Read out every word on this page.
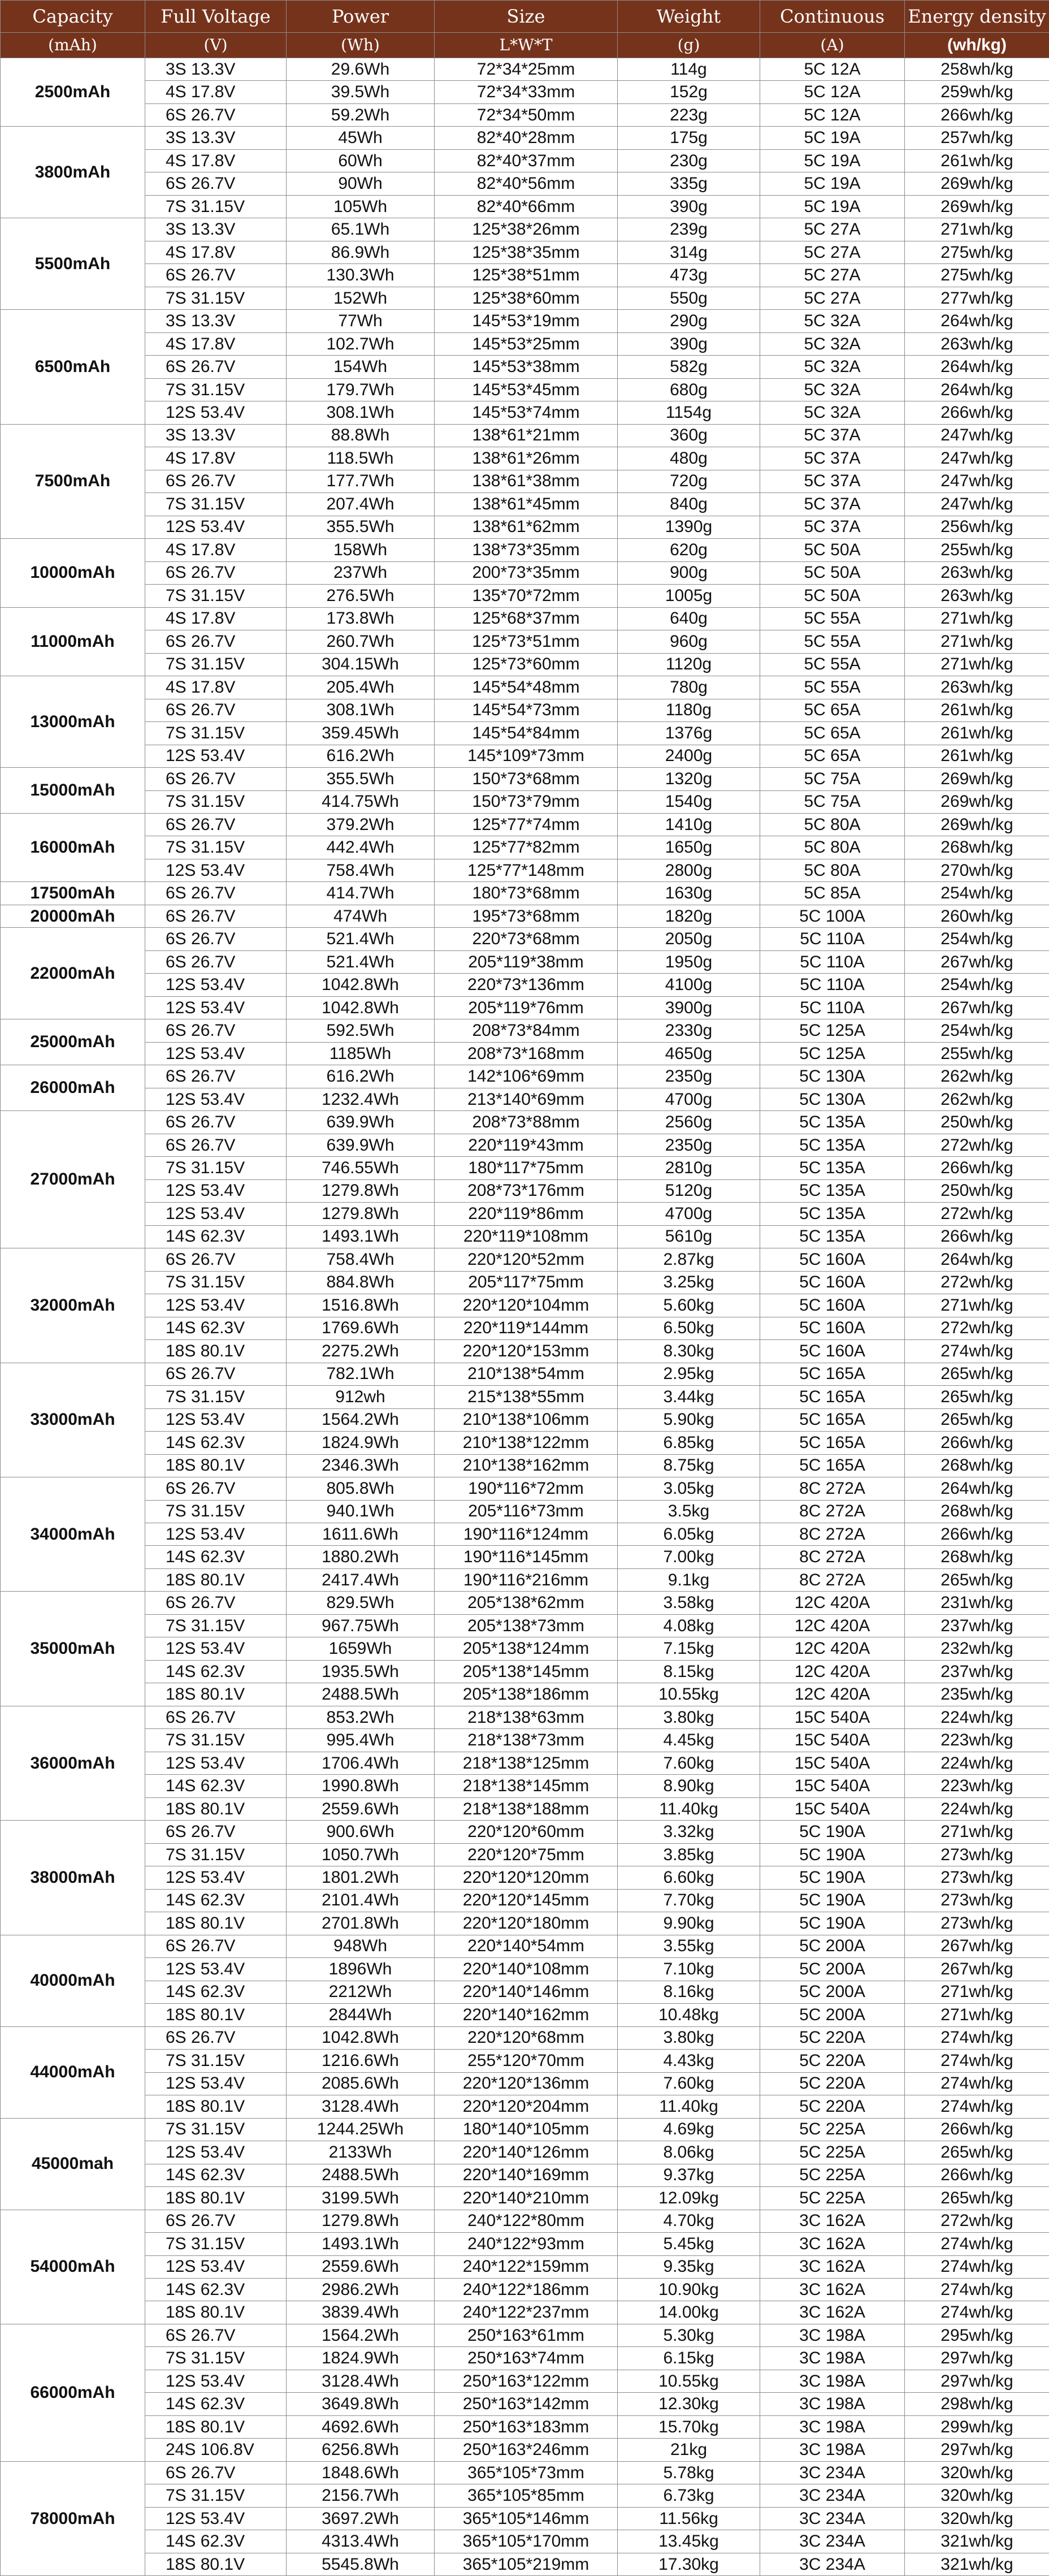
Capacity	Full Voltage	Power	Size	Weight	Continuous	Energy density
(mAh)	(V)	(Wh)	L*W*T	(g)	(A)	(wh/kg)
2500mAh	3S 13.3V	29.6Wh	72*34*25mm	114g	5C 12A	258wh/kg
	4S 17.8V	39.5Wh	72*34*33mm	152g	5C 12A	259wh/kg
	6S 26.7V	59.2Wh	72*34*50mm	223g	5C 12A	266wh/kg
3800mAh	3S 13.3V	45Wh	82*40*28mm	175g	5C 19A	257wh/kg
	4S 17.8V	60Wh	82*40*37mm	230g	5C 19A	261wh/kg
	6S 26.7V	90Wh	82*40*56mm	335g	5C 19A	269wh/kg
	7S 31.15V	105Wh	82*40*66mm	390g	5C 19A	269wh/kg
5500mAh	3S 13.3V	65.1Wh	125*38*26mm	239g	5C 27A	271wh/kg
	4S 17.8V	86.9Wh	125*38*35mm	314g	5C 27A	275wh/kg
	6S 26.7V	130.3Wh	125*38*51mm	473g	5C 27A	275wh/kg
	7S 31.15V	152Wh	125*38*60mm	550g	5C 27A	277wh/kg
6500mAh	3S 13.3V	77Wh	145*53*19mm	290g	5C 32A	264wh/kg
	4S 17.8V	102.7Wh	145*53*25mm	390g	5C 32A	263wh/kg
	6S 26.7V	154Wh	145*53*38mm	582g	5C 32A	264wh/kg
	7S 31.15V	179.7Wh	145*53*45mm	680g	5C 32A	264wh/kg
	12S 53.4V	308.1Wh	145*53*74mm	1154g	5C 32A	266wh/kg
7500mAh	3S 13.3V	88.8Wh	138*61*21mm	360g	5C 37A	247wh/kg
	4S 17.8V	118.5Wh	138*61*26mm	480g	5C 37A	247wh/kg
	6S 26.7V	177.7Wh	138*61*38mm	720g	5C 37A	247wh/kg
	7S 31.15V	207.4Wh	138*61*45mm	840g	5C 37A	247wh/kg
	12S 53.4V	355.5Wh	138*61*62mm	1390g	5C 37A	256wh/kg
10000mAh	4S 17.8V	158Wh	138*73*35mm	620g	5C 50A	255wh/kg
	6S 26.7V	237Wh	200*73*35mm	900g	5C 50A	263wh/kg
	7S 31.15V	276.5Wh	135*70*72mm	1005g	5C 50A	263wh/kg
11000mAh	4S 17.8V	173.8Wh	125*68*37mm	640g	5C 55A	271wh/kg
	6S 26.7V	260.7Wh	125*73*51mm	960g	5C 55A	271wh/kg
	7S 31.15V	304.15Wh	125*73*60mm	1120g	5C 55A	271wh/kg
13000mAh	4S 17.8V	205.4Wh	145*54*48mm	780g	5C 55A	263wh/kg
	6S 26.7V	308.1Wh	145*54*73mm	1180g	5C 65A	261wh/kg
	7S 31.15V	359.45Wh	145*54*84mm	1376g	5C 65A	261wh/kg
	12S 53.4V	616.2Wh	145*109*73mm	2400g	5C 65A	261wh/kg
15000mAh	6S 26.7V	355.5Wh	150*73*68mm	1320g	5C 75A	269wh/kg
	7S 31.15V	414.75Wh	150*73*79mm	1540g	5C 75A	269wh/kg
16000mAh	6S 26.7V	379.2Wh	125*77*74mm	1410g	5C 80A	269wh/kg
	7S 31.15V	442.4Wh	125*77*82mm	1650g	5C 80A	268wh/kg
	12S 53.4V	758.4Wh	125*77*148mm	2800g	5C 80A	270wh/kg
17500mAh	6S 26.7V	414.7Wh	180*73*68mm	1630g	5C 85A	254wh/kg
20000mAh	6S 26.7V	474Wh	195*73*68mm	1820g	5C 100A	260wh/kg
22000mAh	6S 26.7V	521.4Wh	220*73*68mm	2050g	5C 110A	254wh/kg
	6S 26.7V	521.4Wh	205*119*38mm	1950g	5C 110A	267wh/kg
	12S 53.4V	1042.8Wh	220*73*136mm	4100g	5C 110A	254wh/kg
	12S 53.4V	1042.8Wh	205*119*76mm	3900g	5C 110A	267wh/kg
25000mAh	6S 26.7V	592.5Wh	208*73*84mm	2330g	5C 125A	254wh/kg
	12S 53.4V	1185Wh	208*73*168mm	4650g	5C 125A	255wh/kg
26000mAh	6S 26.7V	616.2Wh	142*106*69mm	2350g	5C 130A	262wh/kg
	12S 53.4V	1232.4Wh	213*140*69mm	4700g	5C 130A	262wh/kg
27000mAh	6S 26.7V	639.9Wh	208*73*88mm	2560g	5C 135A	250wh/kg
	6S 26.7V	639.9Wh	220*119*43mm	2350g	5C 135A	272wh/kg
	7S 31.15V	746.55Wh	180*117*75mm	2810g	5C 135A	266wh/kg
	12S 53.4V	1279.8Wh	208*73*176mm	5120g	5C 135A	250wh/kg
	12S 53.4V	1279.8Wh	220*119*86mm	4700g	5C 135A	272wh/kg
	14S 62.3V	1493.1Wh	220*119*108mm	5610g	5C 135A	266wh/kg
32000mAh	6S 26.7V	758.4Wh	220*120*52mm	2.87kg	5C 160A	264wh/kg
	7S 31.15V	884.8Wh	205*117*75mm	3.25kg	5C 160A	272wh/kg
	12S 53.4V	1516.8Wh	220*120*104mm	5.60kg	5C 160A	271wh/kg
	14S 62.3V	1769.6Wh	220*119*144mm	6.50kg	5C 160A	272wh/kg
	18S 80.1V	2275.2Wh	220*120*153mm	8.30kg	5C 160A	274wh/kg
33000mAh	6S 26.7V	782.1Wh	210*138*54mm	2.95kg	5C 165A	265wh/kg
	7S 31.15V	912wh	215*138*55mm	3.44kg	5C 165A	265wh/kg
	12S 53.4V	1564.2Wh	210*138*106mm	5.90kg	5C 165A	265wh/kg
	14S 62.3V	1824.9Wh	210*138*122mm	6.85kg	5C 165A	266wh/kg
	18S 80.1V	2346.3Wh	210*138*162mm	8.75kg	5C 165A	268wh/kg
34000mAh	6S 26.7V	805.8Wh	190*116*72mm	3.05kg	8C 272A	264wh/kg
	7S 31.15V	940.1Wh	205*116*73mm	3.5kg	8C 272A	268wh/kg
	12S 53.4V	1611.6Wh	190*116*124mm	6.05kg	8C 272A	266wh/kg
	14S 62.3V	1880.2Wh	190*116*145mm	7.00kg	8C 272A	268wh/kg
	18S 80.1V	2417.4Wh	190*116*216mm	9.1kg	8C 272A	265wh/kg
35000mAh	6S 26.7V	829.5Wh	205*138*62mm	3.58kg	12C 420A	231wh/kg
	7S 31.15V	967.75Wh	205*138*73mm	4.08kg	12C 420A	237wh/kg
	12S 53.4V	1659Wh	205*138*124mm	7.15kg	12C 420A	232wh/kg
	14S 62.3V	1935.5Wh	205*138*145mm	8.15kg	12C 420A	237wh/kg
	18S 80.1V	2488.5Wh	205*138*186mm	10.55kg	12C 420A	235wh/kg
36000mAh	6S 26.7V	853.2Wh	218*138*63mm	3.80kg	15C 540A	224wh/kg
	7S 31.15V	995.4Wh	218*138*73mm	4.45kg	15C 540A	223wh/kg
	12S 53.4V	1706.4Wh	218*138*125mm	7.60kg	15C 540A	224wh/kg
	14S 62.3V	1990.8Wh	218*138*145mm	8.90kg	15C 540A	223wh/kg
	18S 80.1V	2559.6Wh	218*138*188mm	11.40kg	15C 540A	224wh/kg
38000mAh	6S 26.7V	900.6Wh	220*120*60mm	3.32kg	5C 190A	271wh/kg
	7S 31.15V	1050.7Wh	220*120*75mm	3.85kg	5C 190A	273wh/kg
	12S 53.4V	1801.2Wh	220*120*120mm	6.60kg	5C 190A	273wh/kg
	14S 62.3V	2101.4Wh	220*120*145mm	7.70kg	5C 190A	273wh/kg
	18S 80.1V	2701.8Wh	220*120*180mm	9.90kg	5C 190A	273wh/kg
40000mAh	6S 26.7V	948Wh	220*140*54mm	3.55kg	5C 200A	267wh/kg
	12S 53.4V	1896Wh	220*140*108mm	7.10kg	5C 200A	267wh/kg
	14S 62.3V	2212Wh	220*140*146mm	8.16kg	5C 200A	271wh/kg
	18S 80.1V	2844Wh	220*140*162mm	10.48kg	5C 200A	271wh/kg
44000mAh	6S 26.7V	1042.8Wh	220*120*68mm	3.80kg	5C 220A	274wh/kg
	7S 31.15V	1216.6Wh	255*120*70mm	4.43kg	5C 220A	274wh/kg
	12S 53.4V	2085.6Wh	220*120*136mm	7.60kg	5C 220A	274wh/kg
	18S 80.1V	3128.4Wh	220*120*204mm	11.40kg	5C 220A	274wh/kg
45000mah	7S 31.15V	1244.25Wh	180*140*105mm	4.69kg	5C 225A	266wh/kg
	12S 53.4V	2133Wh	220*140*126mm	8.06kg	5C 225A	265wh/kg
	14S 62.3V	2488.5Wh	220*140*169mm	9.37kg	5C 225A	266wh/kg
	18S 80.1V	3199.5Wh	220*140*210mm	12.09kg	5C 225A	265wh/kg
54000mAh	6S 26.7V	1279.8Wh	240*122*80mm	4.70kg	3C 162A	272wh/kg
	7S 31.15V	1493.1Wh	240*122*93mm	5.45kg	3C 162A	274wh/kg
	12S 53.4V	2559.6Wh	240*122*159mm	9.35kg	3C 162A	274wh/kg
	14S 62.3V	2986.2Wh	240*122*186mm	10.90kg	3C 162A	274wh/kg
	18S 80.1V	3839.4Wh	240*122*237mm	14.00kg	3C 162A	274wh/kg
66000mAh	6S 26.7V	1564.2Wh	250*163*61mm	5.30kg	3C 198A	295wh/kg
	7S 31.15V	1824.9Wh	250*163*74mm	6.15kg	3C 198A	297wh/kg
	12S 53.4V	3128.4Wh	250*163*122mm	10.55kg	3C 198A	297wh/kg
	14S 62.3V	3649.8Wh	250*163*142mm	12.30kg	3C 198A	298wh/kg
	18S 80.1V	4692.6Wh	250*163*183mm	15.70kg	3C 198A	299wh/kg
	24S 106.8V	6256.8Wh	250*163*246mm	21kg	3C 198A	297wh/kg
78000mAh	6S 26.7V	1848.6Wh	365*105*73mm	5.78kg	3C 234A	320wh/kg
	7S 31.15V	2156.7Wh	365*105*85mm	6.73kg	3C 234A	320wh/kg
	12S 53.4V	3697.2Wh	365*105*146mm	11.56kg	3C 234A	320wh/kg
	14S 62.3V	4313.4Wh	365*105*170mm	13.45kg	3C 234A	321wh/kg
	18S 80.1V	5545.8Wh	365*105*219mm	17.30kg	3C 234A	321wh/kg
